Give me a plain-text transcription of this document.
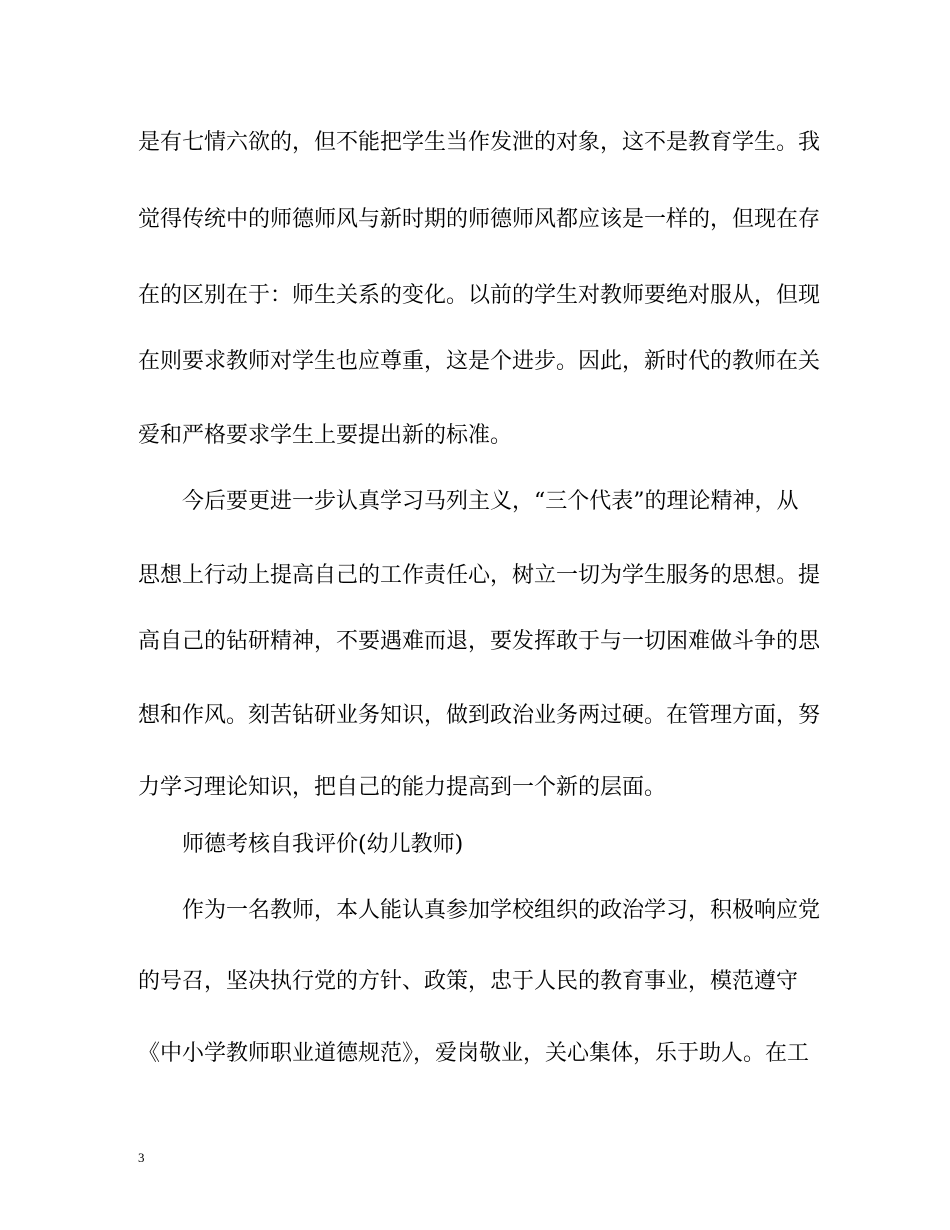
是有七情六欲的，但不能把学生当作发泄的对象，这不是教育学生。我
觉得传统中的师德师风与新时期的师德师风都应该是一样的，但现在存
在的区别在于：师生关系的变化。以前的学生对教师要绝对服从，但现
在则要求教师对学生也应尊重，这是个进步。因此，新时代的教师在关
爱和严格要求学生上要提出新的标准。
今后要更进一步认真学习马列主义，“三个代表”的理论精神，从
思想上行动上提高自己的工作责任心，树立一切为学生服务的思想。提
高自己的钻研精神，不要遇难而退，要发挥敢于与一切困难做斗争的思
想和作风。刻苦钻研业务知识，做到政治业务两过硬。在管理方面，努
力学习理论知识，把自己的能力提高到一个新的层面。
师德考核自我评价(幼儿教师)
作为一名教师，本人能认真参加学校组织的政治学习，积极响应党
的号召，坚决执行党的方针、政策，忠于人民的教育事业，模范遵守
《中小学教师职业道德规范》，爱岗敬业，关心集体，乐于助人。在工
3
